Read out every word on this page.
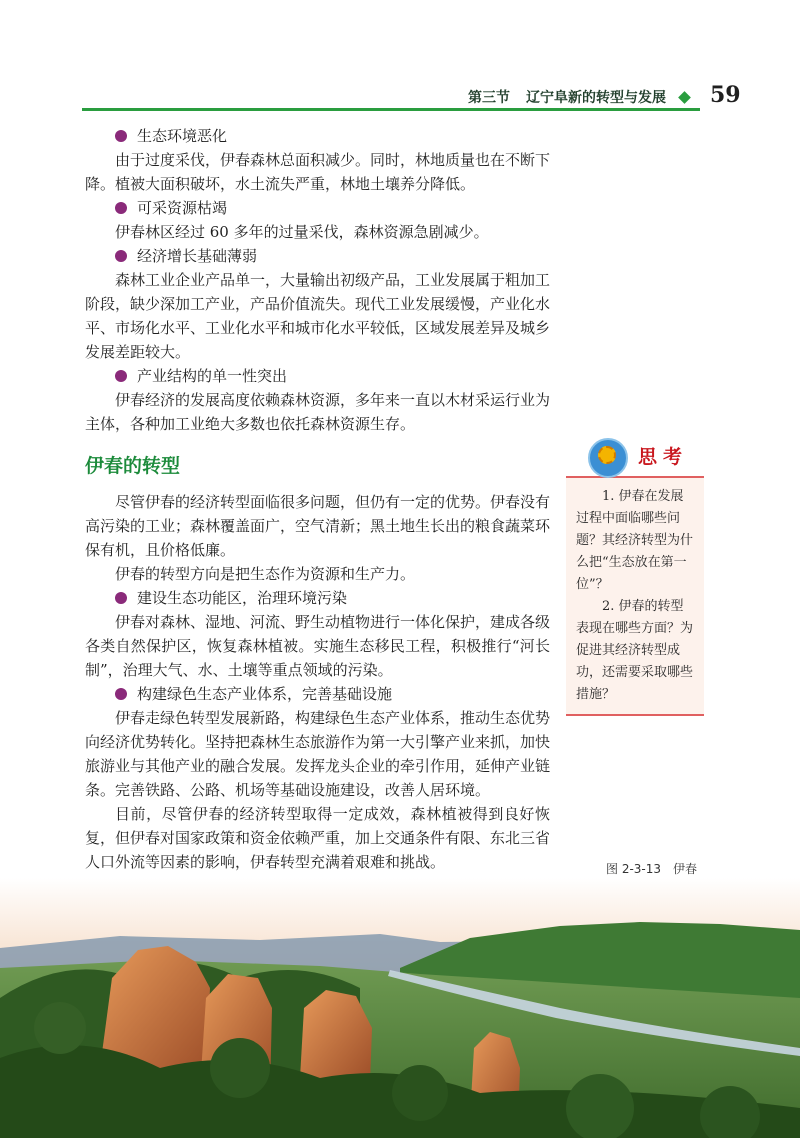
第三节 辽宁阜新的转型与发展 59
生态环境恶化

由于过度采伐，伊春森林总面积减少。同时，林地质量也在不断下降。植被大面积破坏，水土流失严重，林地土壤养分降低。

可采资源枯竭

伊春林区经过 60 多年的过量采伐，森林资源急剧减少。

经济增长基础薄弱

森林工业企业产品单一，大量输出初级产品，工业发展属于粗加工阶段，缺少深加工产业，产品价值流失。现代工业发展缓慢，产业化水平、市场化水平、工业化水平和城市化水平较低，区域发展差异及城乡发展差距较大。

产业结构的单一性突出

伊春经济的发展高度依赖森林资源，多年来一直以木材采运行业为主体，各种加工业绝大多数也依托森林资源生存。

伊春的转型

尽管伊春的经济转型面临很多问题，但仍有一定的优势。伊春没有高污染的工业；森林覆盖面广，空气清新；黑土地生长出的粮食蔬菜环保有机，且价格低廉。

伊春的转型方向是把生态作为资源和生产力。

建设生态功能区，治理环境污染

伊春对森林、湿地、河流、野生动植物进行一体化保护，建成各级各类自然保护区，恢复森林植被。实施生态移民工程，积极推行“河长制”，治理大气、水、土壤等重点领域的污染。

构建绿色生态产业体系，完善基础设施

伊春走绿色转型发展新路，构建绿色生态产业体系，推动生态优势向经济优势转化。坚持把森林生态旅游作为第一大引擎产业来抓，加快旅游业与其他产业的融合发展。发挥龙头企业的牵引作用，延伸产业链条。完善铁路、公路、机场等基础设施建设，改善人居环境。

目前，尽管伊春的经济转型取得一定成效，森林植被得到良好恢复，但伊春对国家政策和资金依赖严重，加上交通条件有限、东北三省人口外流等因素的影响，伊春转型充满着艰难和挑战。

思考

1. 伊春在发展过程中面临哪些问题？其经济转型为什么把“生态放在第一位”？

2. 伊春的转型表现在哪些方面？为促进其经济转型成功，还需要采取哪些措施？

图 2-3-13　伊春
